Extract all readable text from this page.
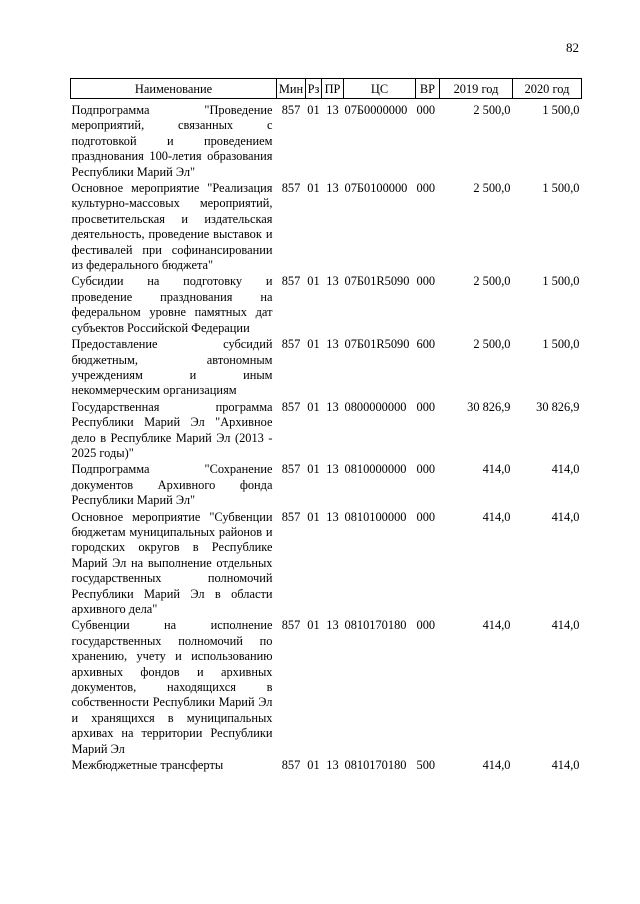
82
Наименование	Мин	Рз	ПР	ЦС	ВР	2019 год	2020 год
Подпрограмма "Проведение мероприятий, связанных с подготовкой и проведением празднования 100-летия образования Республики Марий Эл"	857	01	13	07Б0000000	000	2 500,0	1 500,0
Основное мероприятие "Реализация культурно-массовых мероприятий, просветительская и издательская деятельность, проведение выставок и фестивалей при софинансировании из федерального бюджета"	857	01	13	07Б0100000	000	2 500,0	1 500,0
Субсидии на подготовку и проведение празднования на федеральном уровне памятных дат субъектов Российской Федерации	857	01	13	07Б01R5090	000	2 500,0	1 500,0
Предоставление субсидий бюджетным, автономным учреждениям и иным некоммерческим организациям	857	01	13	07Б01R5090	600	2 500,0	1 500,0
Государственная программа Республики Марий Эл "Архивное дело в Республике Марий Эл (2013 - 2025 годы)"	857	01	13	0800000000	000	30 826,9	30 826,9
Подпрограмма "Сохранение документов Архивного фонда Республики Марий Эл"	857	01	13	0810000000	000	414,0	414,0
Основное мероприятие "Субвенции бюджетам муниципальных районов и городских округов в Республике Марий Эл на выполнение отдельных государственных полномочий Республики Марий Эл в области архивного дела"	857	01	13	0810100000	000	414,0	414,0
Субвенции на исполнение государственных полномочий по хранению, учету и использованию архивных фондов и архивных документов, находящихся в собственности Республики Марий Эл и хранящихся в муниципальных архивах на территории Республики Марий Эл	857	01	13	0810170180	000	414,0	414,0
Межбюджетные трансферты	857	01	13	0810170180	500	414,0	414,0
